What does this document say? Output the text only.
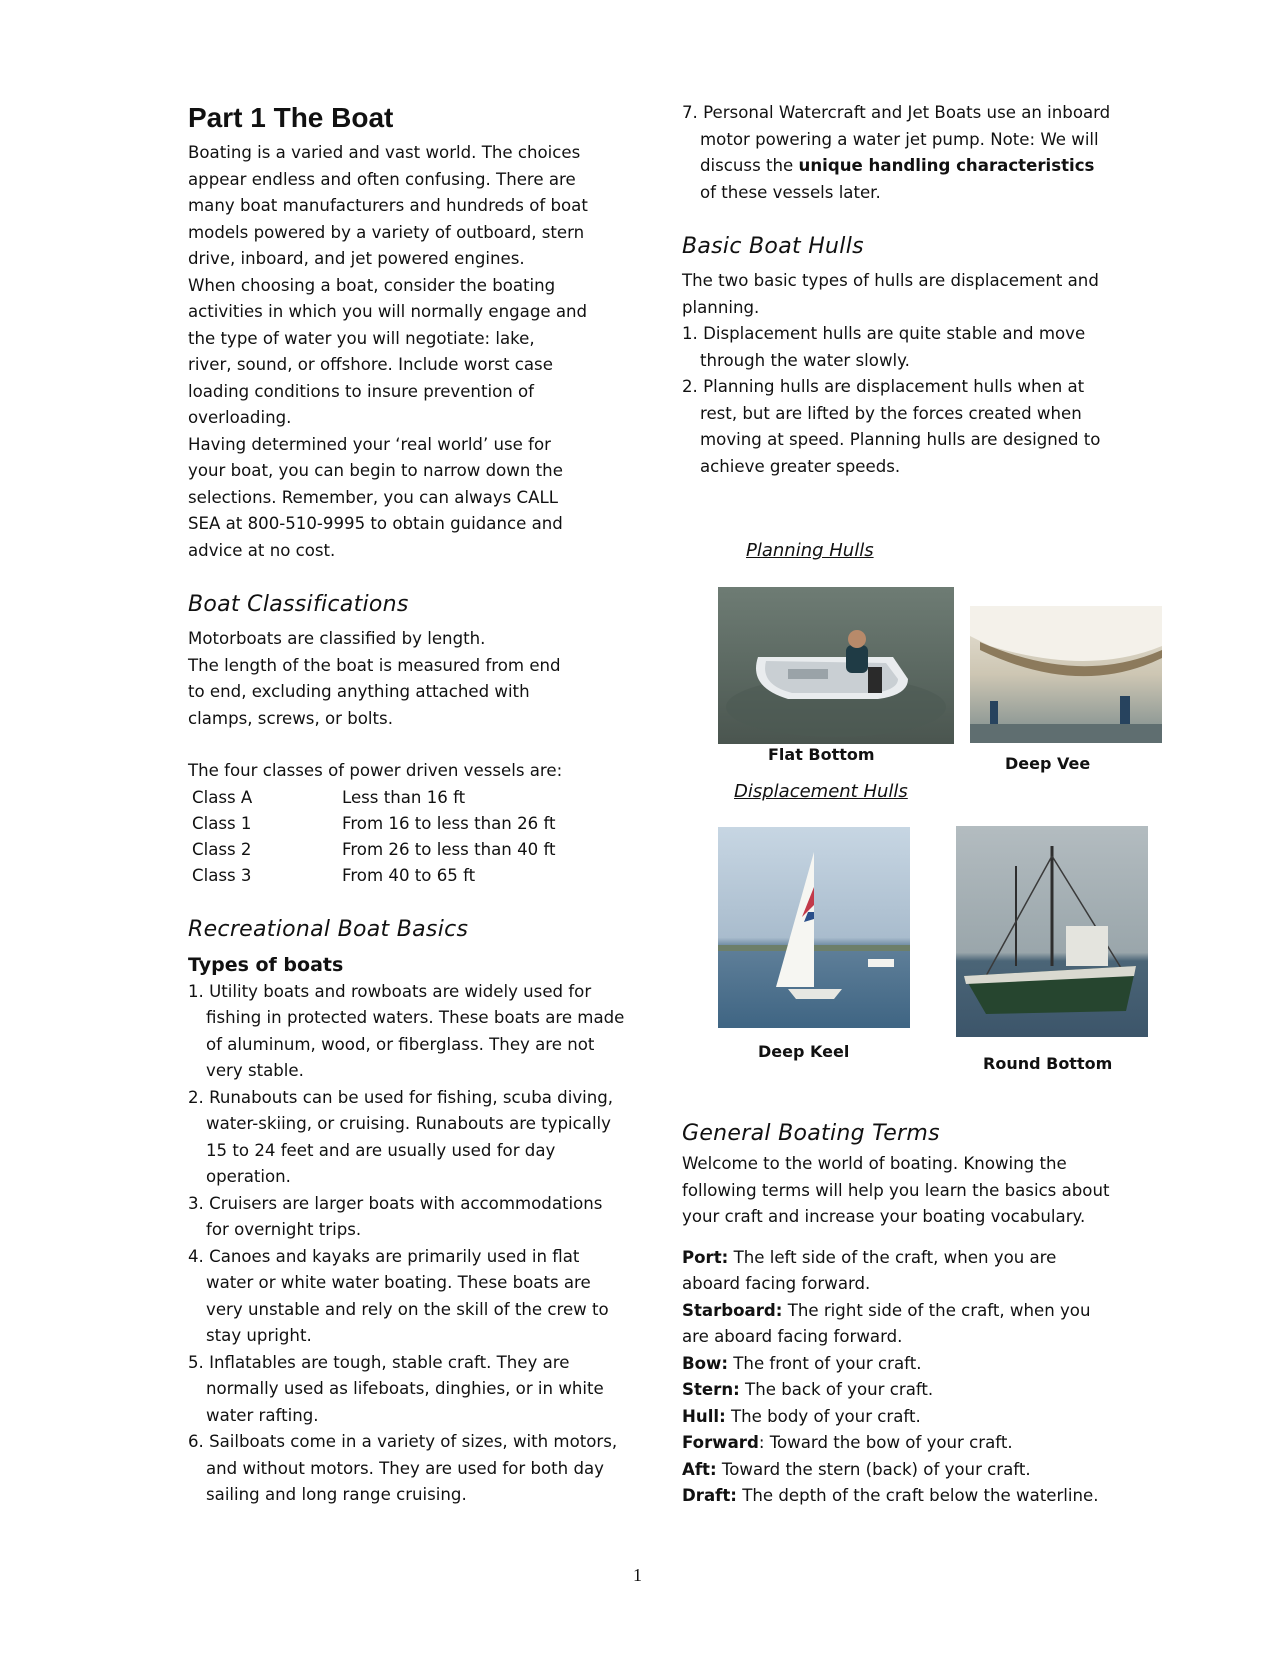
Part 1 The Boat
Boating is a varied and vast world. The choices
appear endless and often confusing. There are
many boat manufacturers and hundreds of boat
models powered by a variety of outboard, stern
drive, inboard, and jet powered engines.
When choosing a boat, consider the boating
activities in which you will normally engage and
the type of water you will negotiate: lake,
river, sound, or offshore. Include worst case
loading conditions to insure prevention of
overloading.
Having determined your ‘real world’ use for
your boat, you can begin to narrow down the
selections. Remember, you can always CALL
SEA at 800-510-9995 to obtain guidance and
advice at no cost.
Boat Classifications
Motorboats are classified by length.
The length of the boat is measured from end
to end, excluding anything attached with
clamps, screws, or bolts.
The four classes of power driven vessels are:
Class A	Less than 16 ft
Class 1	From 16 to less than 26 ft
Class 2	From 26 to less than 40 ft
Class 3	From 40 to 65 ft
Recreational Boat Basics
Types of boats
1. Utility boats and rowboats are widely used for fishing in protected waters. These boats are made of aluminum, wood, or fiberglass. They are not very stable.
2. Runabouts can be used for fishing, scuba diving, water-skiing, or cruising. Runabouts are typically 15 to 24 feet and are usually used for day operation.
3. Cruisers are larger boats with accommodations for overnight trips.
4. Canoes and kayaks are primarily used in flat water or white water boating. These boats are very unstable and rely on the skill of the crew to stay upright.
5. Inflatables are tough, stable craft. They are normally used as lifeboats, dinghies, or in white water rafting.
6. Sailboats come in a variety of sizes, with motors, and without motors. They are used for both day sailing and long range cruising.
7. Personal Watercraft and Jet Boats use an inboard motor powering a water jet pump. Note: We will discuss the unique handling characteristics of these vessels later.
Basic Boat Hulls

The two basic types of hulls are displacement and planning.

1. Displacement hulls are quite stable and move through the water slowly.
2. Planning hulls are displacement hulls when at rest, but are lifted by the forces created when moving at speed. Planning hulls are designed to achieve greater speeds.
Planning Hulls
Flat Bottom	Deep Vee
Displacement Hulls
Deep Keel
Round Bottom
General Boating Terms

Welcome to the world of boating. Knowing the following terms will help you learn the basics about your craft and increase your boating vocabulary.

Port: The left side of the craft, when you are aboard facing forward.

Starboard: The right side of the craft, when you are aboard facing forward.

Bow: The front of your craft.

Stern: The back of your craft.

Hull: The body of your craft.

Forward: Toward the bow of your craft.

Aft: Toward the stern (back) of your craft.

Draft: The depth of the craft below the waterline.

1
